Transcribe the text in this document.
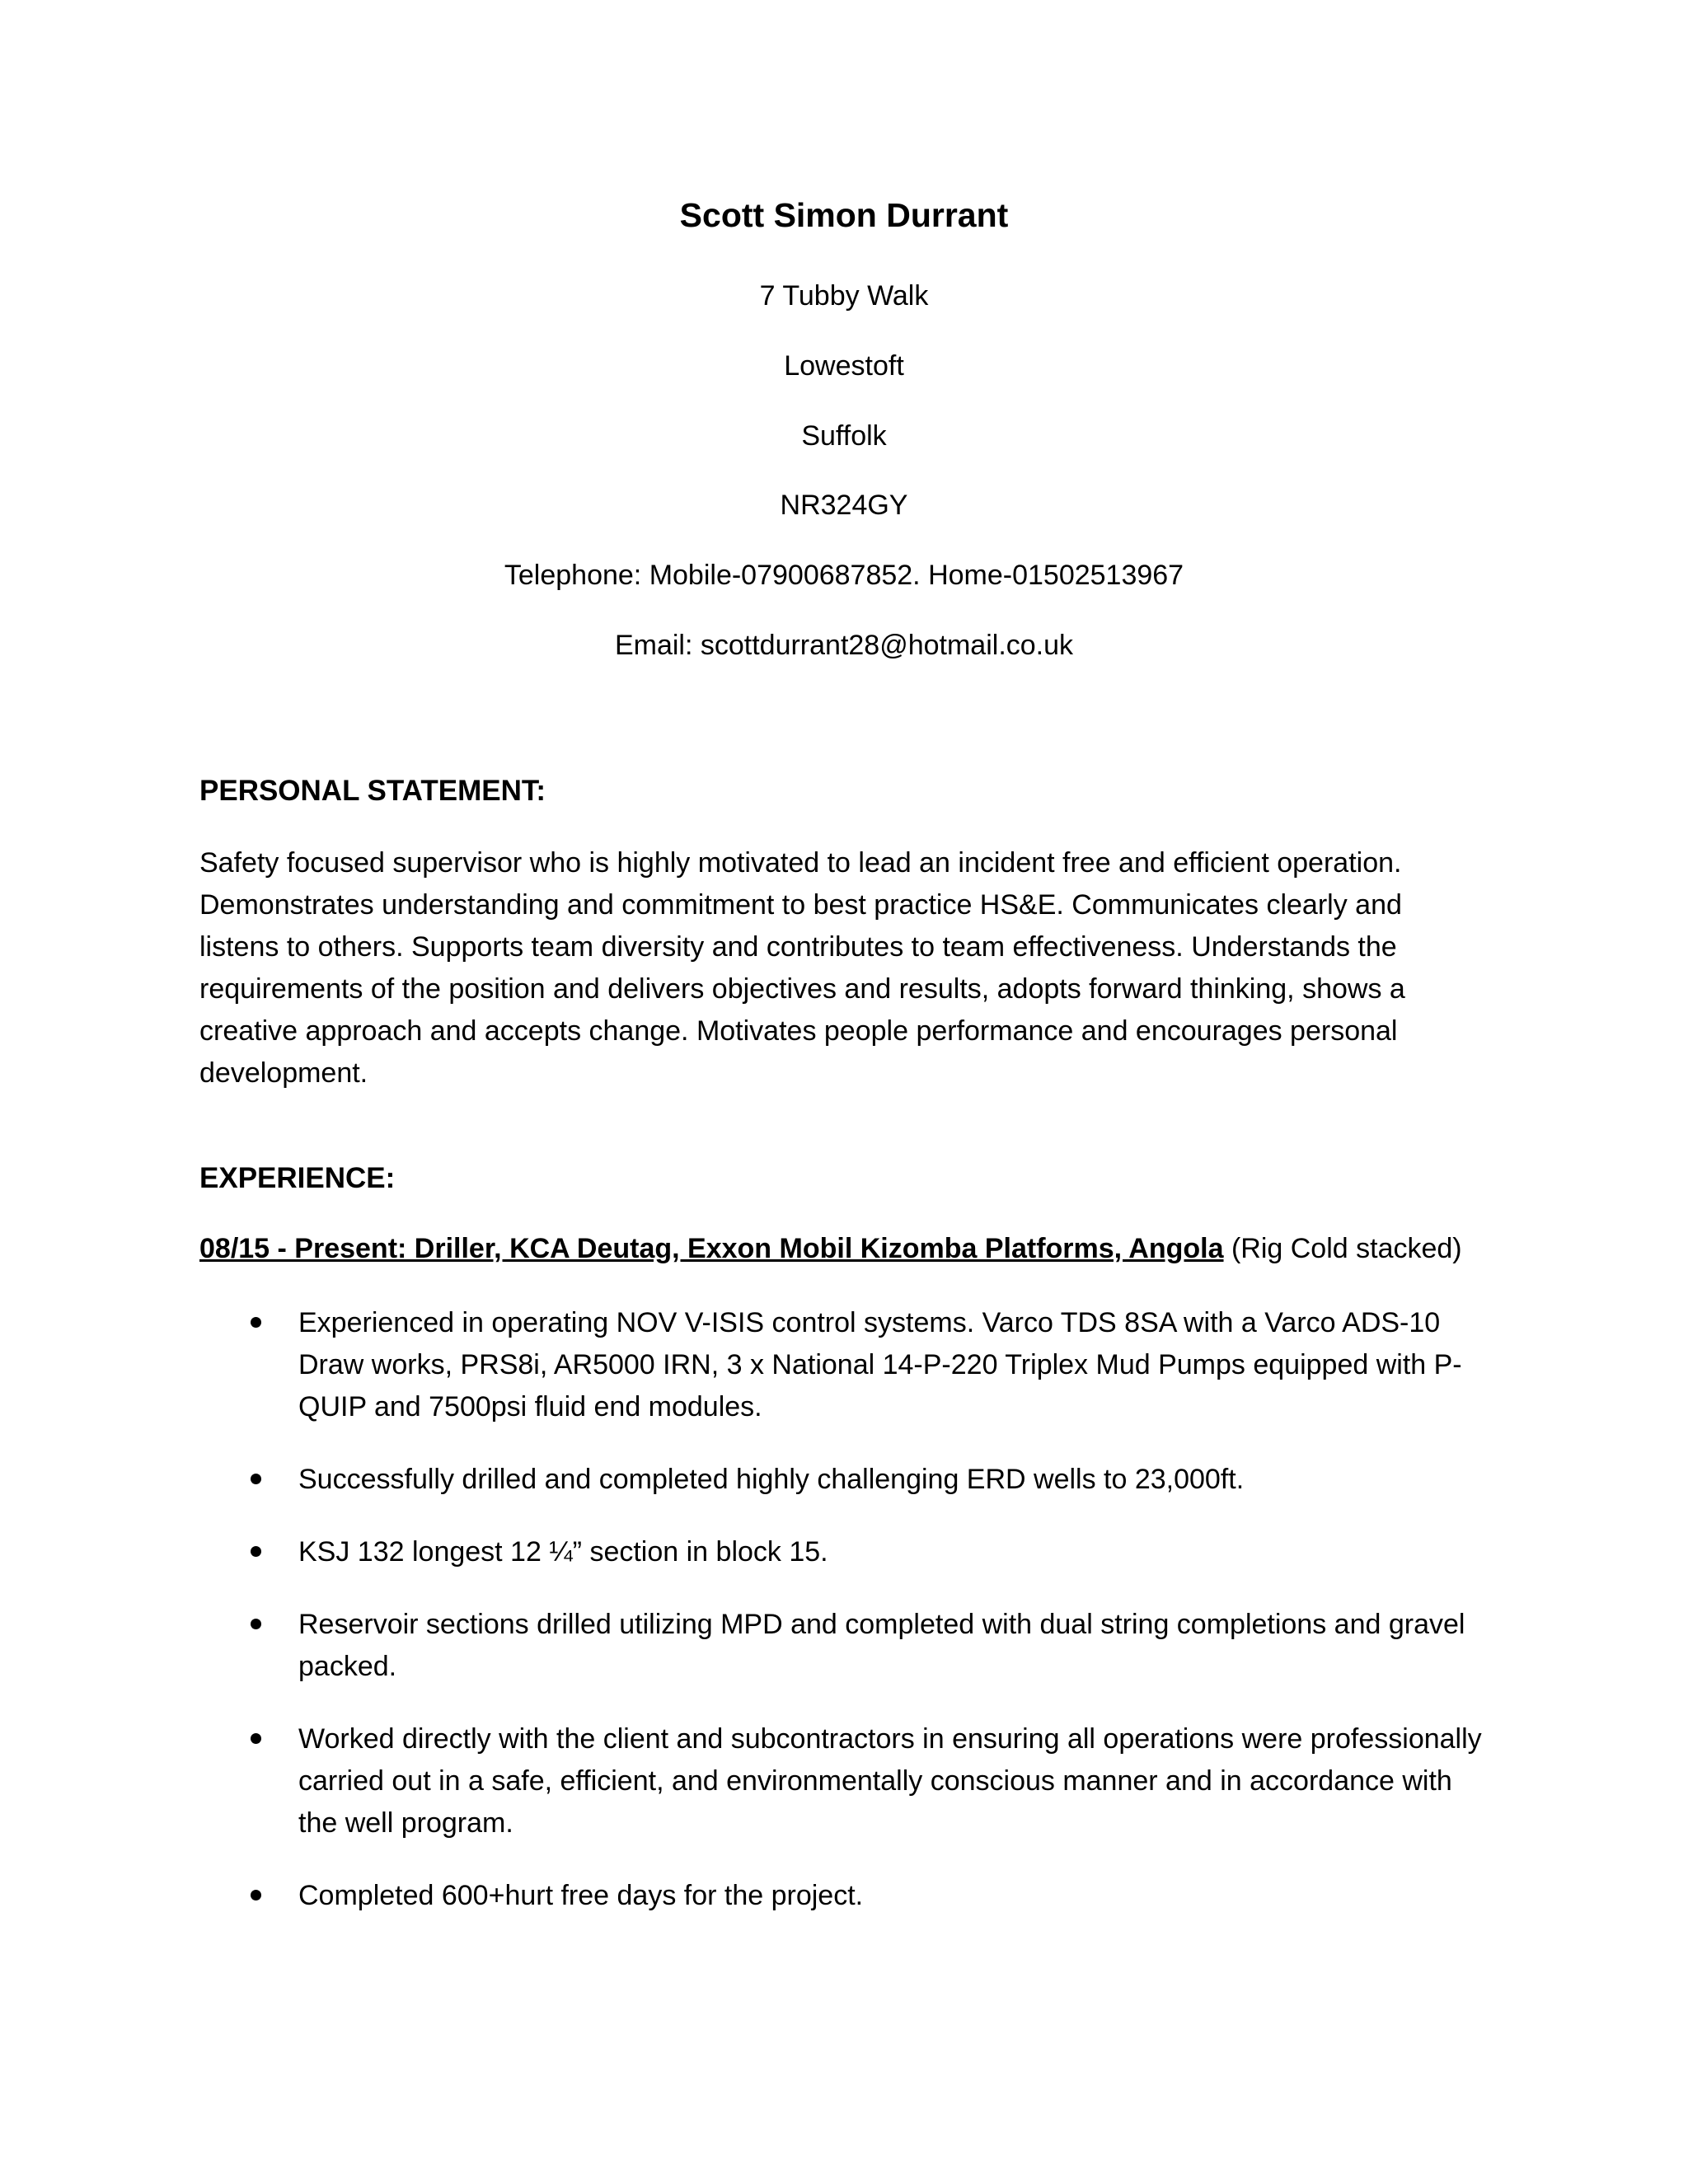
Scott Simon Durrant
7 Tubby Walk
Lowestoft
Suffolk
NR324GY
Telephone: Mobile-07900687852. Home-01502513967
Email: scottdurrant28@hotmail.co.uk
PERSONAL STATEMENT:
Safety focused supervisor who is highly motivated to lead an incident free and efficient operation. Demonstrates understanding and commitment to best practice HS&E. Communicates clearly and listens to others. Supports team diversity and contributes to team effectiveness. Understands the requirements of the position and delivers objectives and results, adopts forward thinking, shows a creative approach and accepts change. Motivates people performance and encourages personal development.
EXPERIENCE:
08/15 - Present: Driller, KCA Deutag, Exxon Mobil Kizomba Platforms, Angola (Rig Cold stacked)
Experienced in operating NOV V-ISIS control systems. Varco TDS 8SA with a Varco ADS-10 Draw works, PRS8i, AR5000 IRN, 3 x National 14-P-220 Triplex Mud Pumps equipped with P-QUIP and 7500psi fluid end modules.
Successfully drilled and completed highly challenging ERD wells to 23,000ft.
KSJ 132 longest 12 ¼” section in block 15.
Reservoir sections drilled utilizing MPD and completed with dual string completions and gravel packed.
Worked directly with the client and subcontractors in ensuring all operations were professionally carried out in a safe, efficient, and environmentally conscious manner and in accordance with the well program.
Completed 600+hurt free days for the project.
